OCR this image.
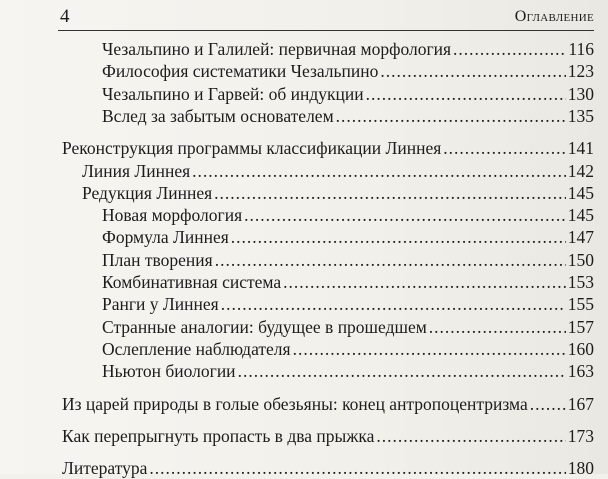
4	Оглавление
Чезальпино и Галилей: первичная морфология .....	116
Философия систематики Чезальпино .....	123
Чезальпино и Гарвей: об индукции .....	130
Вслед за забытым основателем .....	135
Реконструкция программы классификации Линнея .....	141
Линия Линнея .....	142
Редукция Линнея .....	145
Новая морфология .....	145
Формула Линнея .....	147
План творения .....	150
Комбинативная система .....	153
Ранги у Линнея .....	155
Странные аналогии: будущее в прошедшем .....	157
Ослепление наблюдателя .....	160
Ньютон биологии .....	163
Из царей природы в голые обезьяны: конец антропоцентризма ..... 167
Как перепрыгнуть пропасть в два прыжка .....	173
Литература .....	180
